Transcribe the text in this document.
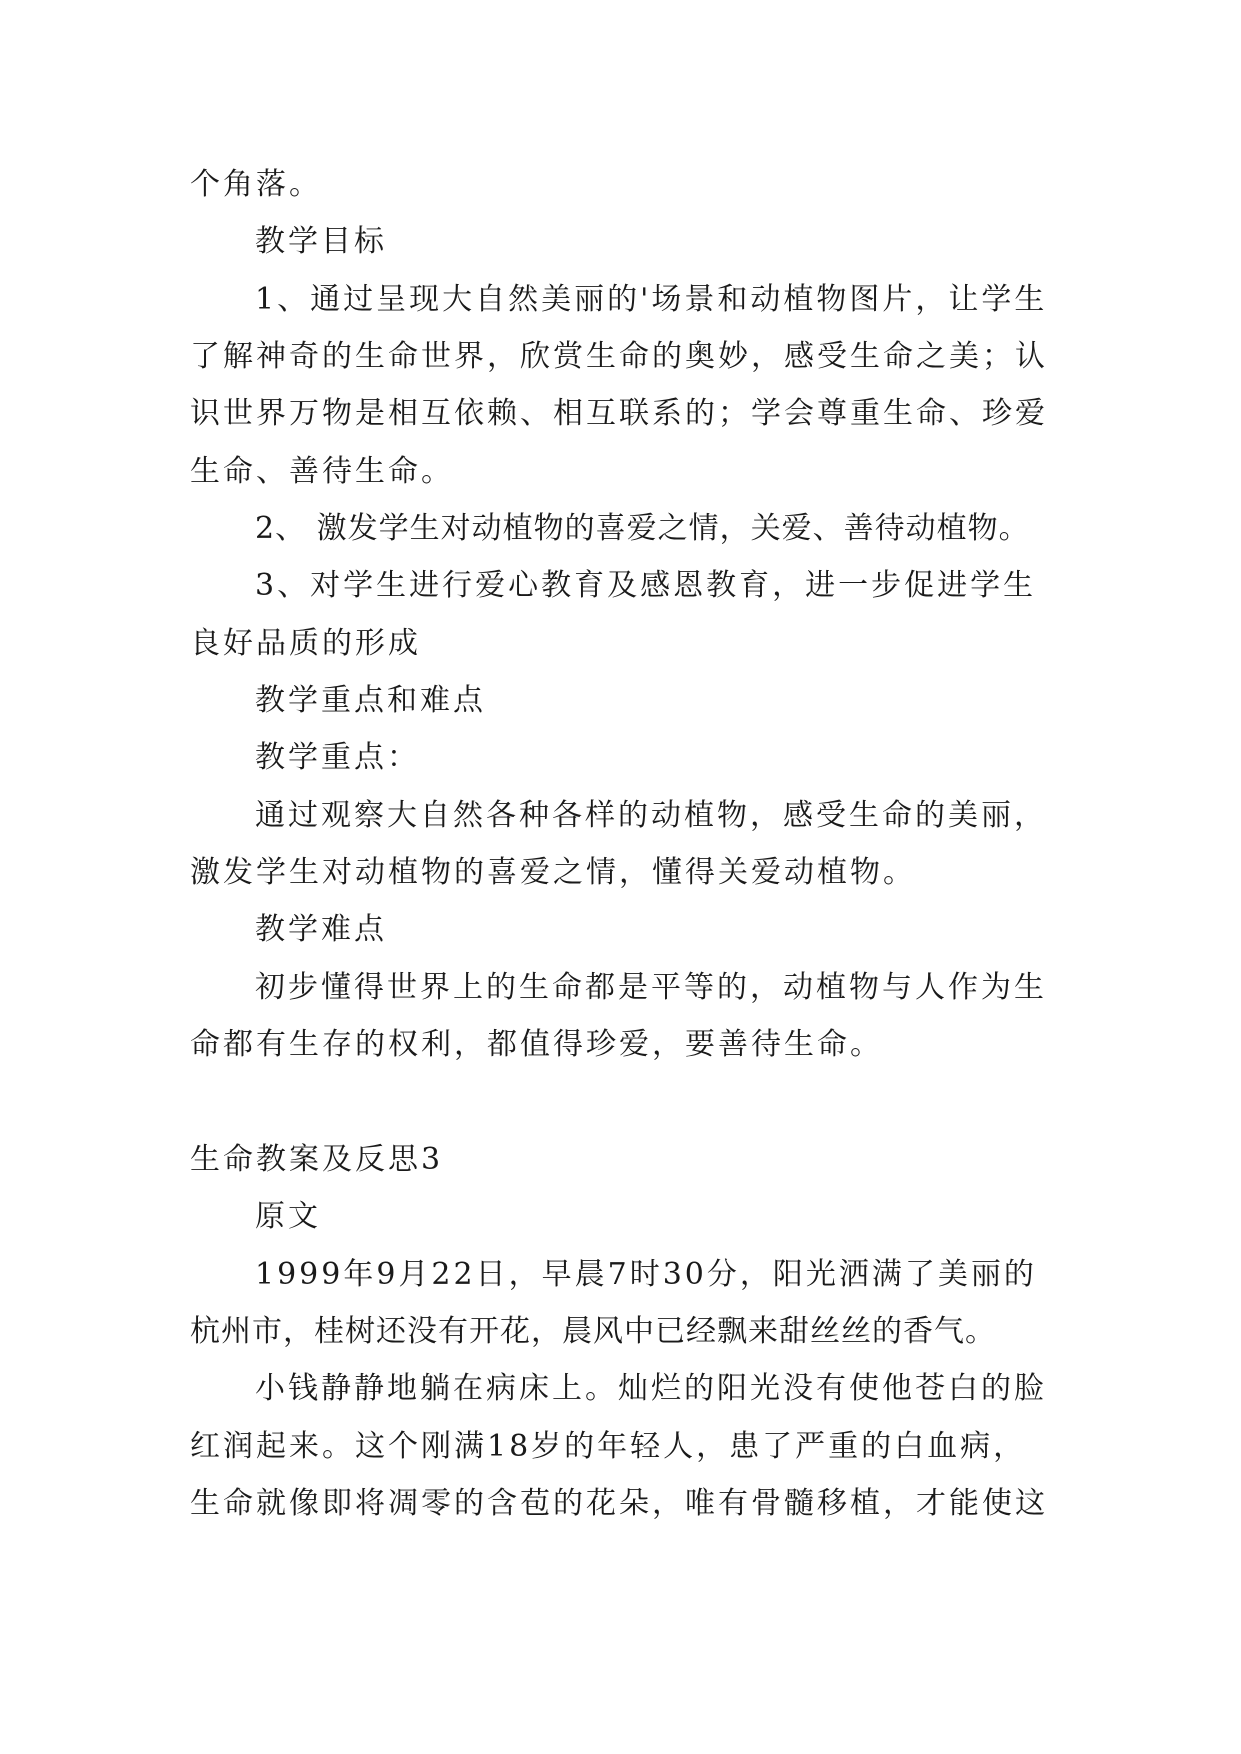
个角落。
教学目标
1、通过呈现大自然美丽的'场景和动植物图片，让学生
了解神奇的生命世界，欣赏生命的奥妙，感受生命之美；认
识世界万物是相互依赖、相互联系的；学会尊重生命、珍爱
生命、善待生命。
2、 激发学生对动植物的喜爱之情，关爱、善待动植物。
3、对学生进行爱心教育及感恩教育，进一步促进学生
良好品质的形成
教学重点和难点
教学重点：
通过观察大自然各种各样的动植物，感受生命的美丽，
激发学生对动植物的喜爱之情，懂得关爱动植物。
教学难点
初步懂得世界上的生命都是平等的，动植物与人作为生
命都有生存的权利，都值得珍爱，要善待生命。
生命教案及反思3
原文
1999年9月22日，早晨7时30分，阳光洒满了美丽的
杭州市，桂树还没有开花，晨风中已经飘来甜丝丝的香气。
小钱静静地躺在病床上。灿烂的阳光没有使他苍白的脸
红润起来。这个刚满18岁的年轻人，患了严重的白血病，
生命就像即将凋零的含苞的花朵，唯有骨髓移植，才能使这
